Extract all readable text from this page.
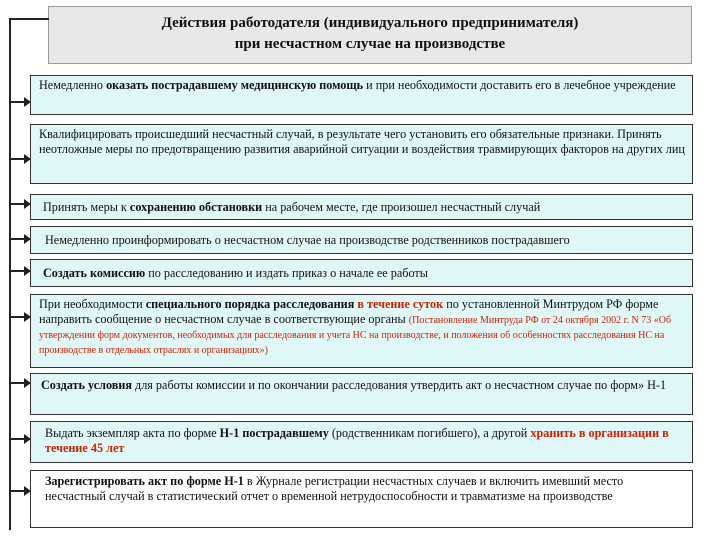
Действия работодателя (индивидуального предпринимателя)
при несчастном случае на производстве
Немедленно оказать пострадавшему медицинскую помощь и при необходимости доставить его в лечебное учреждение
Квалифицировать происшедший несчастный случай, в результате чего установить его обязательные признаки. Принять неотложные меры по предотвращению развития аварийной ситуации и воздействия травмирующих факторов на других лиц
Принять меры к сохранению обстановки на рабочем месте, где произошел несчастный случай
Немедленно проинформировать о несчастном случае на производстве родственников пострадавшего
Создать комиссию по расследованию и издать приказ о начале ее работы
При необходимости специального порядка расследования в течение суток по установленной Минтрудом РФ форме направить сообщение о несчастном случае в соответствующие органы (Постановление Минтруда РФ от 24 октября 2002 г. N 73 «Об утверждении форм документов, необходимых для расследования и учета НС на производстве, и положения об особенностях расследования НС на производстве в отдельных отраслях и организациях»)
Создать условия для работы комиссии и по окончании расследования утвердить акт о несчастном случае по форм» Н-1
Выдать экземпляр акта по форме Н-1 пострадавшему (родственникам погибшего), а другой хранить в организации в течение 45 лет
Зарегистрировать акт по форме Н-1 в Журнале регистрации несчастных случаев и включить имевший место несчастный случай в статистический отчет о временной нетрудоспособности и травматизме на производстве
